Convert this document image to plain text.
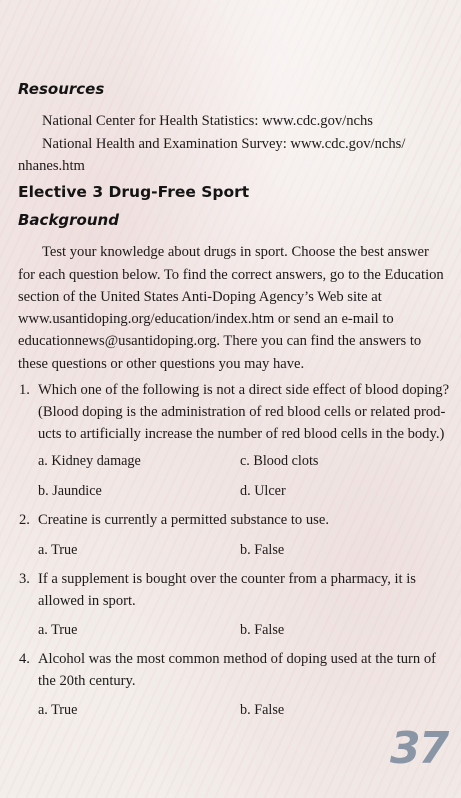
Resources

National Center for Health Statistics: www.cdc.gov/nchs

National Health and Examination Survey: www.cdc.gov/nchs/

nhanes.htm

Elective 3 Drug-Free Sport
Background

Test your knowledge about drugs in sport. Choose the best answer

for each question below. To find the correct answers, go to the Education

section of the United States Anti-Doping Agency’s Web site at

www.usantidoping.org/education/index.htm or send an e-mail to

educationnews@usantidoping.org. There you can find the answers to

these questions or other questions you may have.

1. Which one of the following is not a direct side effect of blood doping?

(Blood doping is the administration of red blood cells or related prod-

ucts to artificially increase the number of red blood cells in the body.)

a. Kidney damage	c. Blood clots

b. Jaundice	d. Ulcer

2. Creatine is currently a permitted substance to use.

a. True	b. False

3. If a supplement is bought over the counter from a pharmacy, it is

allowed in sport.

a. True	b. False

4. Alcohol was the most common method of doping used at the turn of

the 20th century.

a. True	b. False

37
